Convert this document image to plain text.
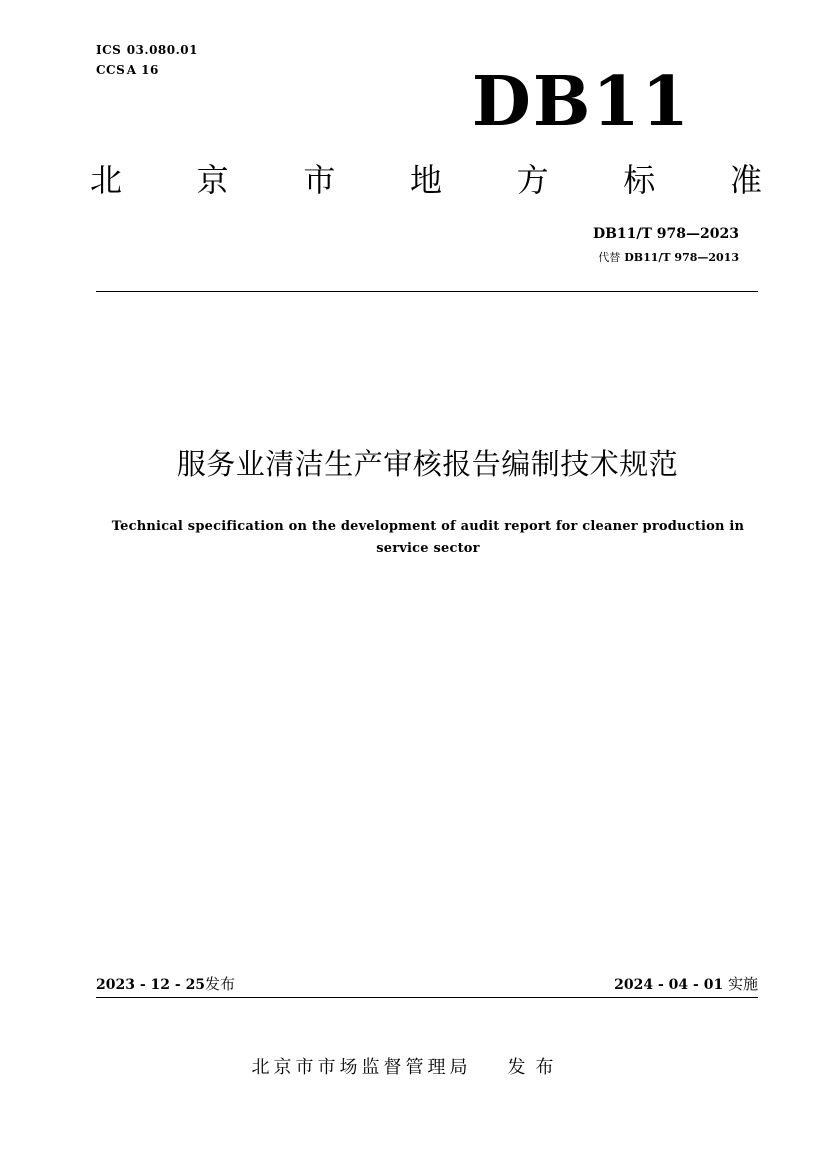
ICS 03.080.01
CCS A 16	DB11
北 京 市 地 方 标 准
DB11/T 978—2023
代替 DB11/T 978—2013
服务业清洁生产审核报告编制技术规范
Technical specification on the development of audit report for cleaner production in service sector
2023 - 12 - 25发布	2024 - 04 - 01 实施
北京市市场监督管理局 发布
